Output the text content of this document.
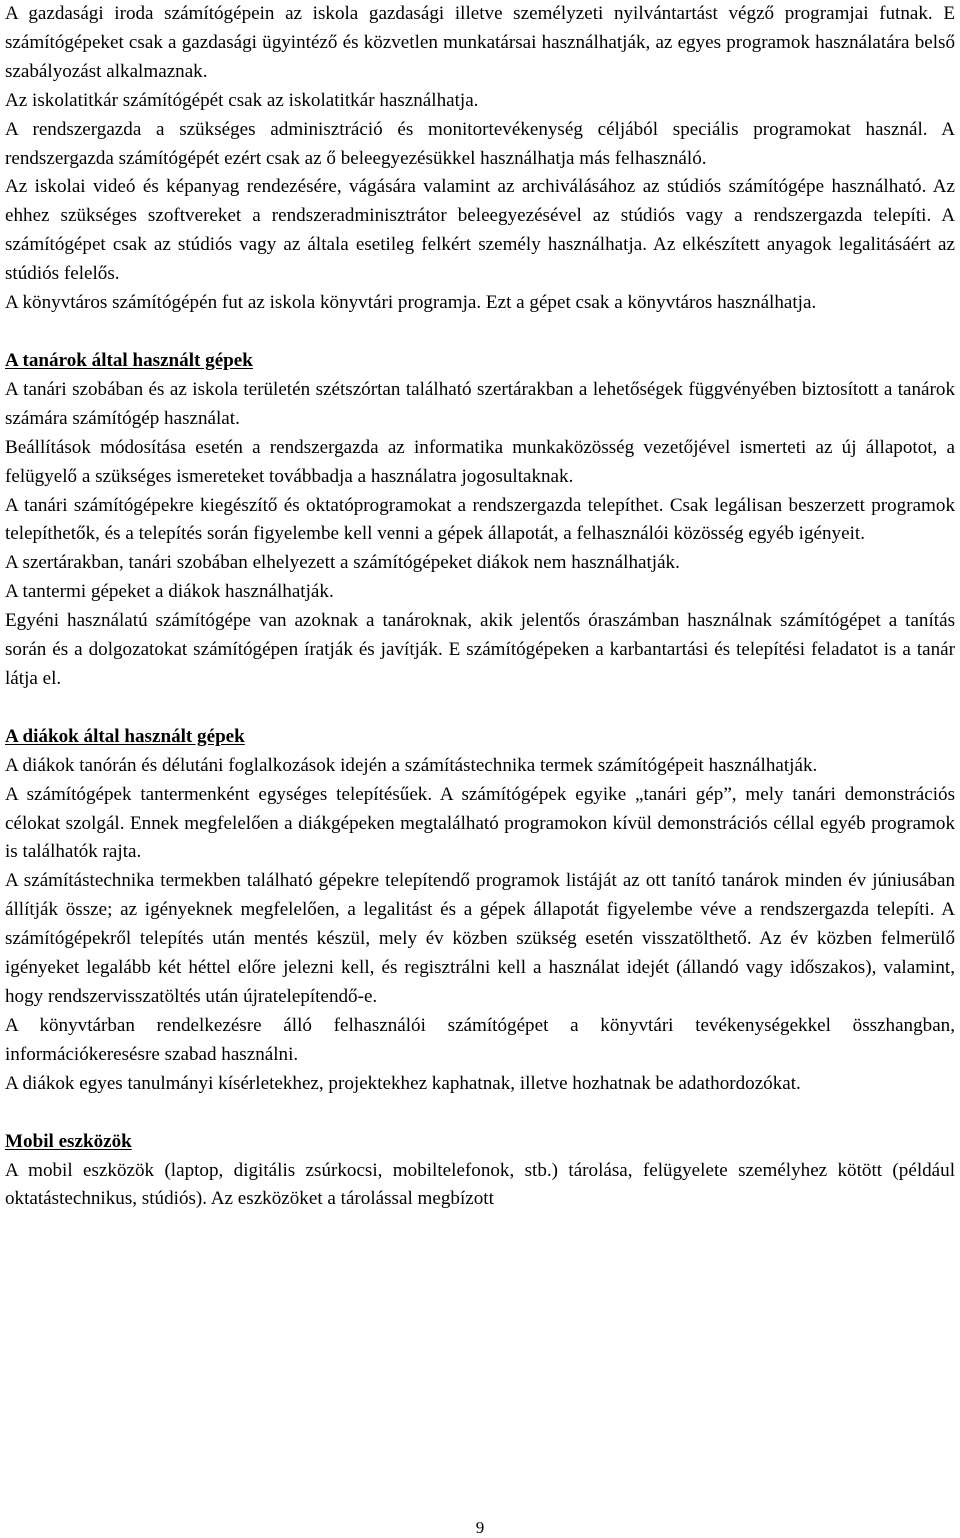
A gazdasági iroda számítógépein az iskola gazdasági illetve személyzeti nyilvántartást végző programjai futnak. E számítógépeket csak a gazdasági ügyintéző és közvetlen munkatársai használhatják, az egyes programok használatára belső szabályozást alkalmaznak.

Az iskolatitkár számítógépét csak az iskolatitkár használhatja.

A rendszergazda a szükséges adminisztráció és monitortevékenység céljából speciális programokat használ. A rendszergazda számítógépét ezért csak az ő beleegyezésükkel használhatja más felhasználó.

Az iskolai videó és képanyag rendezésére, vágására valamint az archiválásához az stúdiós számítógépe használható. Az ehhez szükséges szoftvereket a rendszeradminisztrátor beleegyezésével az stúdiós vagy a rendszergazda telepíti. A számítógépet csak az stúdiós vagy az általa esetileg felkért személy használhatja. Az elkészített anyagok legalitásáért az stúdiós felelős.

A könyvtáros számítógépén fut az iskola könyvtári programja. Ezt a gépet csak a könyvtáros használhatja.

A tanárok által használt gépek

A tanári szobában és az iskola területén szétszórtan található szertárakban a lehetőségek függvényében biztosított a tanárok számára számítógép használat.

Beállítások módosítása esetén a rendszergazda az informatika munkaközösség vezetőjével ismerteti az új állapotot, a felügyelő a szükséges ismereteket továbbadja a használatra jogosultaknak.

A tanári számítógépekre kiegészítő és oktatóprogramokat a rendszergazda telepíthet. Csak legálisan beszerzett programok telepíthetők, és a telepítés során figyelembe kell venni a gépek állapotát, a felhasználói közösség egyéb igényeit.

A szertárakban, tanári szobában elhelyezett a számítógépeket diákok nem használhatják.

A tantermi gépeket a diákok használhatják.

Egyéni használatú számítógépe van azoknak a tanároknak, akik jelentős óraszámban használnak számítógépet a tanítás során és a dolgozatokat számítógépen íratják és javítják. E számítógépeken a karbantartási és telepítési feladatot is a tanár látja el.

A diákok által használt gépek

A diákok tanórán és délutáni foglalkozások idején a számítástechnika termek számítógépeit használhatják.

A számítógépek tantermenként egységes telepítésűek. A számítógépek egyike „tanári gép”, mely tanári demonstrációs célokat szolgál. Ennek megfelelően a diákgépeken megtalálható programokon kívül demonstrációs céllal egyéb programok is találhatók rajta.

A számítástechnika termekben található gépekre telepítendő programok listáját az ott tanító tanárok minden év júniusában állítják össze; az igényeknek megfelelően, a legalitást és a gépek állapotát figyelembe véve a rendszergazda telepíti. A számítógépekről telepítés után mentés készül, mely év közben szükség esetén visszatölthető. Az év közben felmerülő igényeket legalább két héttel előre jelezni kell, és regisztrálni kell a használat idejét (állandó vagy időszakos), valamint, hogy rendszervisszatöltés után újratelepítendő-e.

A könyvtárban rendelkezésre álló felhasználói számítógépet a könyvtári tevékenységekkel összhangban, információkeresésre szabad használni.

A diákok egyes tanulmányi kísérletekhez, projektekhez kaphatnak, illetve hozhatnak be adathordozókat.

Mobil eszközök

A mobil eszközök (laptop, digitális zsúrkocsi, mobiltelefonok, stb.) tárolása, felügyelete személyhez kötött (például oktatástechnikus, stúdiós). Az eszközöket a tárolással megbízott

9
